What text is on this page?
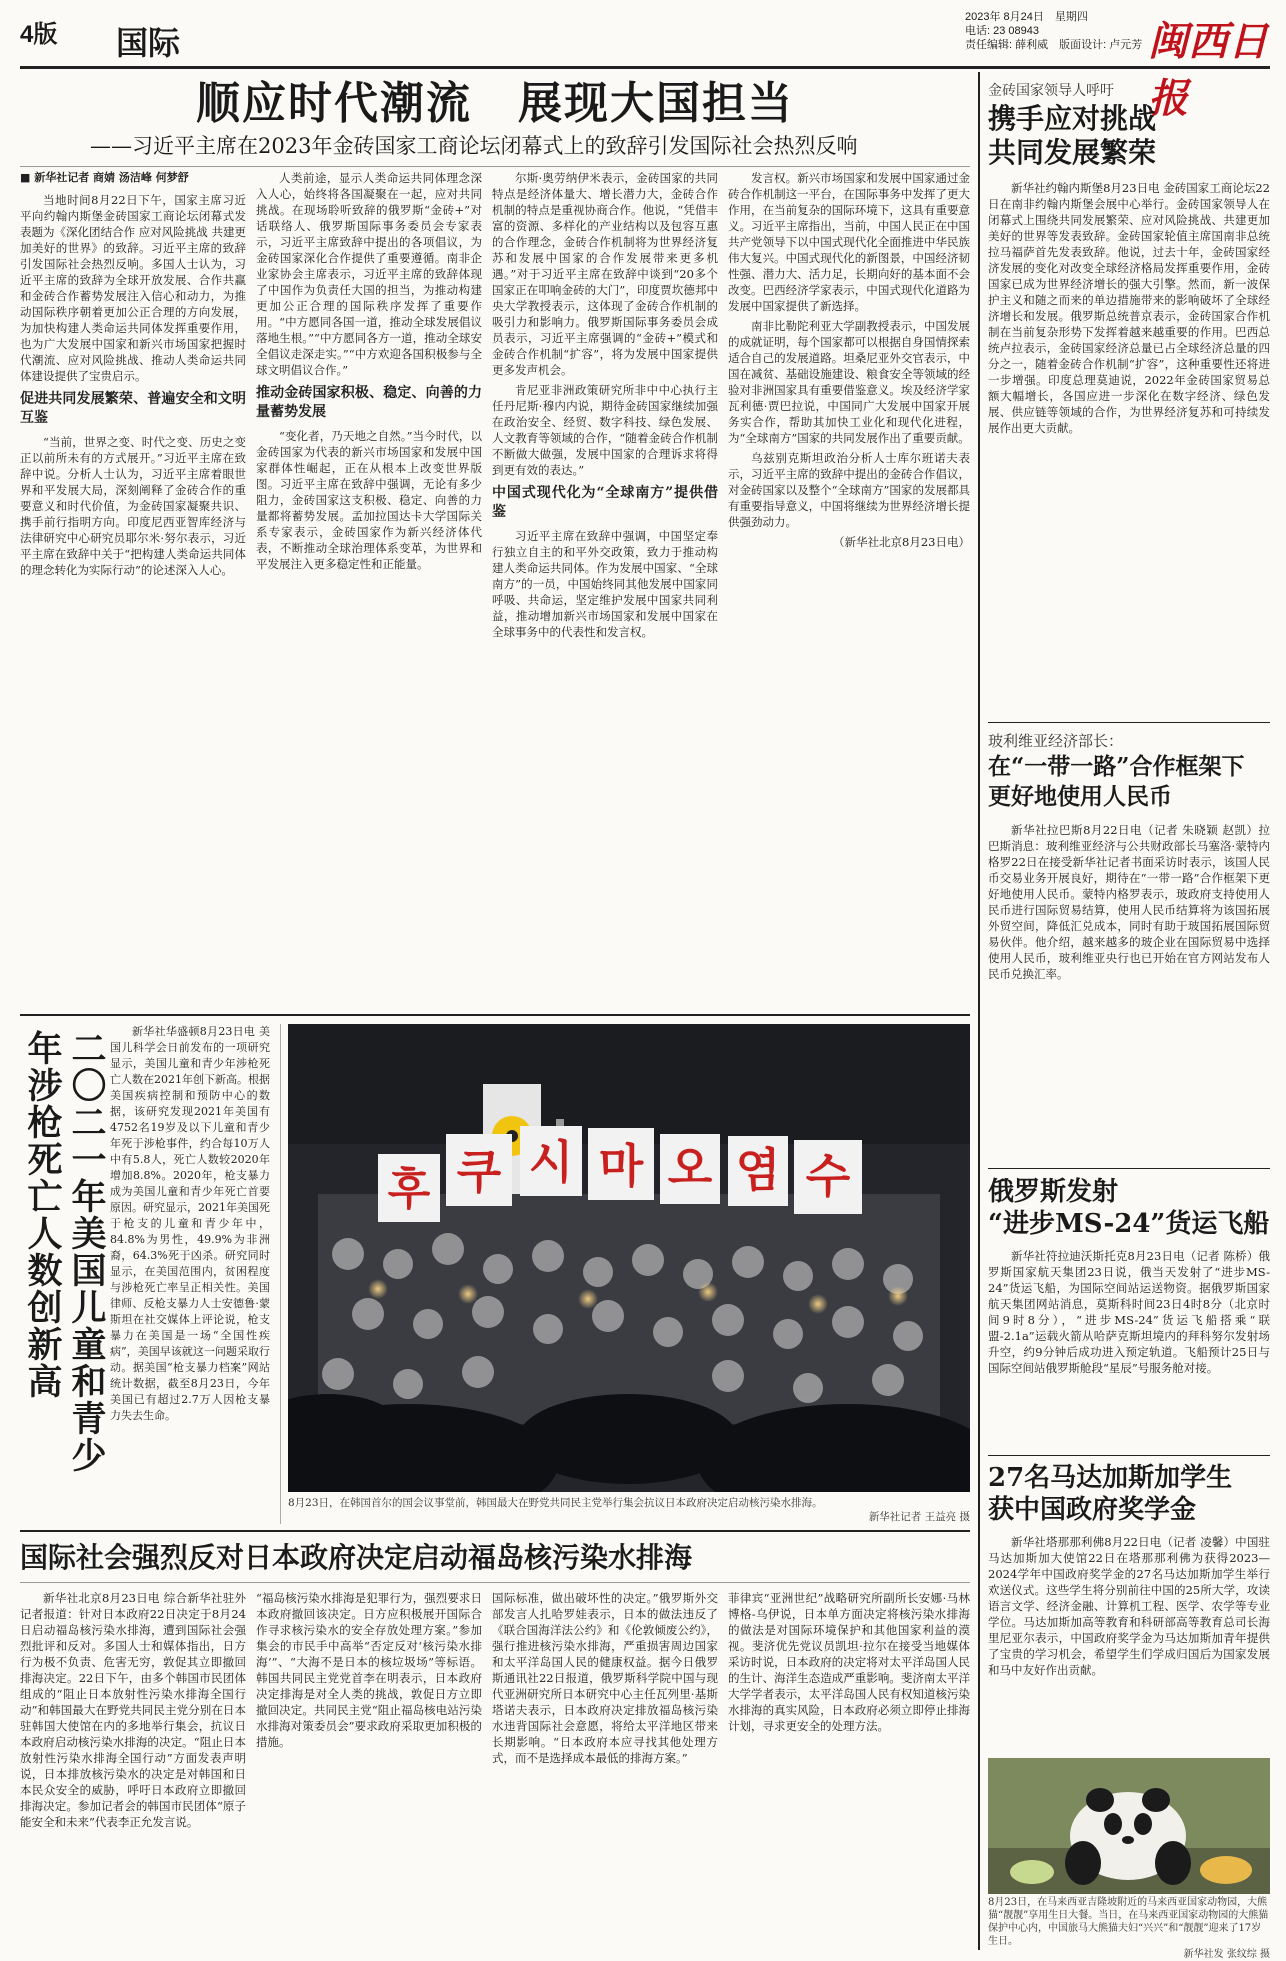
4版 国际
2023年 8月24日　星期四
电话: 23 08943
责任编辑: 薛利威　版面设计: 卢元芳 闽西日报
顺应时代潮流　展现大国担当
——习近平主席在2023年金砖国家工商论坛闭幕式上的致辞引发国际社会热烈反响
■ 新华社记者 商婧 汤洁峰 何梦舒

当地时间8月22日下午，国家主席习近平向约翰内斯堡金砖国家工商论坛闭幕式发表题为《深化团结合作 应对风险挑战 共建更加美好的世界》的致辞。习近平主席的致辞引发国际社会热烈反响。多国人士认为，习近平主席的致辞为全球开放发展、合作共赢和金砖合作蓄势发展注入信心和动力，为推动国际秩序朝着更加公正合理的方向发展，为加快构建人类命运共同体发挥重要作用，也为广大发展中国家和新兴市场国家把握时代潮流、应对风险挑战、推动人类命运共同体建设提供了宝贵启示。

促进共同发展繁荣、普遍安全和文明互鉴

“当前，世界之变、时代之变、历史之变正以前所未有的方式展开。”习近平主席在致辞中说。分析人士认为，习近平主席着眼世界和平发展大局，深刻阐释了金砖合作的重要意义和时代价值，为金砖国家凝聚共识、携手前行指明方向。印度尼西亚智库经济与法律研究中心研究员耶尔米·努尔表示，习近平主席在致辞中关于“把构建人类命运共同体的理念转化为实际行动”的论述深入人心。

人类前途，显示人类命运共同体理念深入人心，始终将各国凝聚在一起，应对共同挑战。在现场聆听致辞的俄罗斯“金砖+”对话联络人、俄罗斯国际事务委员会专家表示，习近平主席致辞中提出的各项倡议，为金砖国家深化合作提供了重要遵循。南非企业家协会主席表示，习近平主席的致辞体现了中国作为负责任大国的担当，为推动构建更加公正合理的国际秩序发挥了重要作用。“中方愿同各国一道，推动全球发展倡议落地生根。”“中方愿同各方一道，推动全球安全倡议走深走实。”“中方欢迎各国积极参与全球文明倡议合作。”

推动金砖国家积极、稳定、向善的力量蓄势发展

“变化者，乃天地之自然。”当今时代，以金砖国家为代表的新兴市场国家和发展中国家群体性崛起，正在从根本上改变世界版图。习近平主席在致辞中强调，无论有多少阻力，金砖国家这支积极、稳定、向善的力量都将蓄势发展。孟加拉国达卡大学国际关系专家表示，金砖国家作为新兴经济体代表，不断推动全球治理体系变革，为世界和平发展注入更多稳定性和正能量。

尔斯·奥劳纳伊米表示，金砖国家的共同特点是经济体量大、增长潜力大，金砖合作机制的特点是重视协商合作。他说，“凭借丰富的资源、多样化的产业结构以及包容互惠的合作理念，金砖合作机制将为世界经济复苏和发展中国家的合作发展带来更多机遇。”对于习近平主席在致辞中谈到“20多个国家正在叩响金砖的大门”，印度贾坎德邦中央大学教授表示，这体现了金砖合作机制的吸引力和影响力。俄罗斯国际事务委员会成员表示，习近平主席强调的“金砖+”模式和金砖合作机制“扩容”，将为发展中国家提供更多发声机会。

肯尼亚非洲政策研究所非中中心执行主任丹尼斯·穆内内说，期待金砖国家继续加强在政治安全、经贸、数字科技、绿色发展、人文教育等领域的合作，“随着金砖合作机制不断做大做强，发展中国家的合理诉求将得到更有效的表达。”

中国式现代化为“全球南方”提供借鉴

习近平主席在致辞中强调，中国坚定奉行独立自主的和平外交政策，致力于推动构建人类命运共同体。作为发展中国家、“全球南方”的一员，中国始终同其他发展中国家同呼吸、共命运，坚定维护发展中国家共同利益，推动增加新兴市场国家和发展中国家在全球事务中的代表性和发言权。

发言权。新兴市场国家和发展中国家通过金砖合作机制这一平台，在国际事务中发挥了更大作用，在当前复杂的国际环境下，这具有重要意义。习近平主席指出，当前，中国人民正在中国共产党领导下以中国式现代化全面推进中华民族伟大复兴。中国式现代化的新图景，中国经济韧性强、潜力大、活力足，长期向好的基本面不会改变。巴西经济学家表示，中国式现代化道路为发展中国家提供了新选择。

南非比勒陀利亚大学副教授表示，中国发展的成就证明，每个国家都可以根据自身国情探索适合自己的发展道路。坦桑尼亚外交官表示，中国在减贫、基础设施建设、粮食安全等领域的经验对非洲国家具有重要借鉴意义。埃及经济学家瓦利德·贾巴拉说，中国同广大发展中国家开展务实合作，帮助其加快工业化和现代化进程，为“全球南方”国家的共同发展作出了重要贡献。

乌兹别克斯坦政治分析人士库尔班诺夫表示，习近平主席的致辞中提出的金砖合作倡议，对金砖国家以及整个“全球南方”国家的发展都具有重要指导意义，中国将继续为世界经济增长提供强劲动力。

（新华社北京8月23日电）
二〇二一年美国儿童和青少年涉枪死亡人数创新高	新华社华盛顿8月23日电 美国儿科学会日前发布的一项研究显示，美国儿童和青少年涉枪死亡人数在2021年创下新高。根据美国疾病控制和预防中心的数据，该研究发现2021年美国有4752名19岁及以下儿童和青少年死于涉枪事件，约合每10万人中有5.8人，死亡人数较2020年增加8.8%。2020年，枪支暴力成为美国儿童和青少年死亡首要原因。研究显示，2021年美国死于枪支的儿童和青少年中，84.8%为男性，49.9%为非洲裔，64.3%死于凶杀。研究同时显示，在美国范围内，贫困程度与涉枪死亡率呈正相关性。美国律师、反枪支暴力人士安德鲁·蒙斯坦在社交媒体上评论说，枪支暴力在美国是一场“全国性疾病”，美国早该就这一问题采取行动。据美国“枪支暴力档案”网站统计数据，截至8月23日，今年美国已有超过2.7万人因枪支暴力失去生命。

후 쿠 시 마 오 염 수
8月23日，在韩国首尔的国会议事堂前，韩国最大在野党共同民主党举行集会抗议日本政府决定启动核污染水排海。
新华社记者 王益亮 摄
国际社会强烈反对日本政府决定启动福岛核污染水排海

新华社北京8月23日电 综合新华社驻外记者报道：针对日本政府22日决定于8月24日启动福岛核污染水排海，遭到国际社会强烈批评和反对。多国人士和媒体指出，日方行为极不负责、危害无穷，敦促其立即撤回排海决定。22日下午，由多个韩国市民团体组成的“阻止日本放射性污染水排海全国行动”和韩国最大在野党共同民主党分别在日本驻韩国大使馆在内的多地举行集会，抗议日本政府启动核污染水排海的决定。“阻止日本放射性污染水排海全国行动”方面发表声明说，日本排放核污染水的决定是对韩国和日本民众安全的威胁，呼吁日本政府立即撤回排海决定。参加记者会的韩国市民团体“原子能安全和未来”代表李正允发言说。

“福岛核污染水排海是犯罪行为，强烈要求日本政府撤回该决定。日方应积极展开国际合作寻求核污染水的安全存放处理方案。”参加集会的市民手中高举“否定反对‘核污染水排海’”、“大海不是日本的核垃圾场”等标语。韩国共同民主党党首李在明表示，日本政府决定排海是对全人类的挑战，敦促日方立即撤回决定。共同民主党“阻止福岛核电站污染水排海对策委员会”要求政府采取更加积极的措施。

国际标准，做出破坏性的决定。”俄罗斯外交部发言人扎哈罗娃表示，日本的做法违反了《联合国海洋法公约》和《伦敦倾废公约》，强行推进核污染水排海，严重损害周边国家和太平洋岛国人民的健康权益。据今日俄罗斯通讯社22日报道，俄罗斯科学院中国与现代亚洲研究所日本研究中心主任瓦列里·基斯塔诺夫表示，日本政府决定排放福岛核污染水违背国际社会意愿，将给太平洋地区带来长期影响。“日本政府本应寻找其他处理方式，而不是选择成本最低的排海方案。”

菲律宾“亚洲世纪”战略研究所副所长安娜·马林博格-乌伊说，日本单方面决定将核污染水排海的做法是对国际环境保护和其他国家利益的漠视。斐济优先党议员凯坦·拉尔在接受当地媒体采访时说，日本政府的决定将对太平洋岛国人民的生计、海洋生态造成严重影响。斐济南太平洋大学学者表示，太平洋岛国人民有权知道核污染水排海的真实风险，日本政府必须立即停止排海计划，寻求更安全的处理方法。

金砖国家领导人呼吁
携手应对挑战
共同发展繁荣

新华社约翰内斯堡8月23日电 金砖国家工商论坛22日在南非约翰内斯堡会展中心举行。金砖国家领导人在闭幕式上围绕共同发展繁荣、应对风险挑战、共建更加美好的世界等发表致辞。金砖国家轮值主席国南非总统拉马福萨首先发表致辞。他说，过去十年，金砖国家经济发展的变化对改变全球经济格局发挥重要作用，金砖国家已成为世界经济增长的强大引擎。然而，新一波保护主义和随之而来的单边措施带来的影响破坏了全球经济增长和发展。俄罗斯总统普京表示，金砖国家合作机制在当前复杂形势下发挥着越来越重要的作用。巴西总统卢拉表示，金砖国家经济总量已占全球经济总量的四分之一，随着金砖合作机制“扩容”，这种重要性还将进一步增强。印度总理莫迪说，2022年金砖国家贸易总额大幅增长，各国应进一步深化在数字经济、绿色发展、供应链等领域的合作，为世界经济复苏和可持续发展作出更大贡献。

玻利维亚经济部长：
在“一带一路”合作框架下
更好地使用人民币

新华社拉巴斯8月22日电（记者 朱晓颖 赵凯）拉巴斯消息：玻利维亚经济与公共财政部长马塞洛·蒙特内格罗22日在接受新华社记者书面采访时表示，该国人民币交易业务开展良好，期待在“一带一路”合作框架下更好地使用人民币。蒙特内格罗表示，玻政府支持使用人民币进行国际贸易结算，使用人民币结算将为该国拓展外贸空间，降低汇兑成本，同时有助于玻国拓展国际贸易伙伴。他介绍，越来越多的玻企业在国际贸易中选择使用人民币，玻利维亚央行也已开始在官方网站发布人民币兑换汇率。

俄罗斯发射
“进步MS-24”货运飞船

新华社符拉迪沃斯托克8月23日电（记者 陈桥）俄罗斯国家航天集团23日说，俄当天发射了“进步MS-24”货运飞船，为国际空间站运送物资。据俄罗斯国家航天集团网站消息，莫斯科时间23日4时8分（北京时间9时8分），“进步MS-24”货运飞船搭乘“联盟-2.1a”运载火箭从哈萨克斯坦境内的拜科努尔发射场升空，约9分钟后成功进入预定轨道。飞船预计25日与国际空间站俄罗斯舱段“星辰”号服务舱对接。

27名马达加斯加学生
获中国政府奖学金

新华社塔那那利佛8月22日电（记者 凌馨）中国驻马达加斯加大使馆22日在塔那那利佛为获得2023—2024学年中国政府奖学金的27名马达加斯加学生举行欢送仪式。这些学生将分别前往中国的25所大学，攻读语言文学、经济金融、计算机工程、医学、农学等专业学位。马达加斯加高等教育和科研部高等教育总司长海里尼亚尔表示，中国政府奖学金为马达加斯加青年提供了宝贵的学习机会，希望学生们学成归国后为国家发展和马中友好作出贡献。

8月23日，在马来西亚吉隆坡附近的马来西亚国家动物园，大熊猫“靓靓”享用生日大餐。当日，在马来西亚国家动物园的大熊猫保护中心内，中国旅马大熊猫夫妇“兴兴”和“靓靓”迎来了17岁生日。
新华社发 张纹综 摄
